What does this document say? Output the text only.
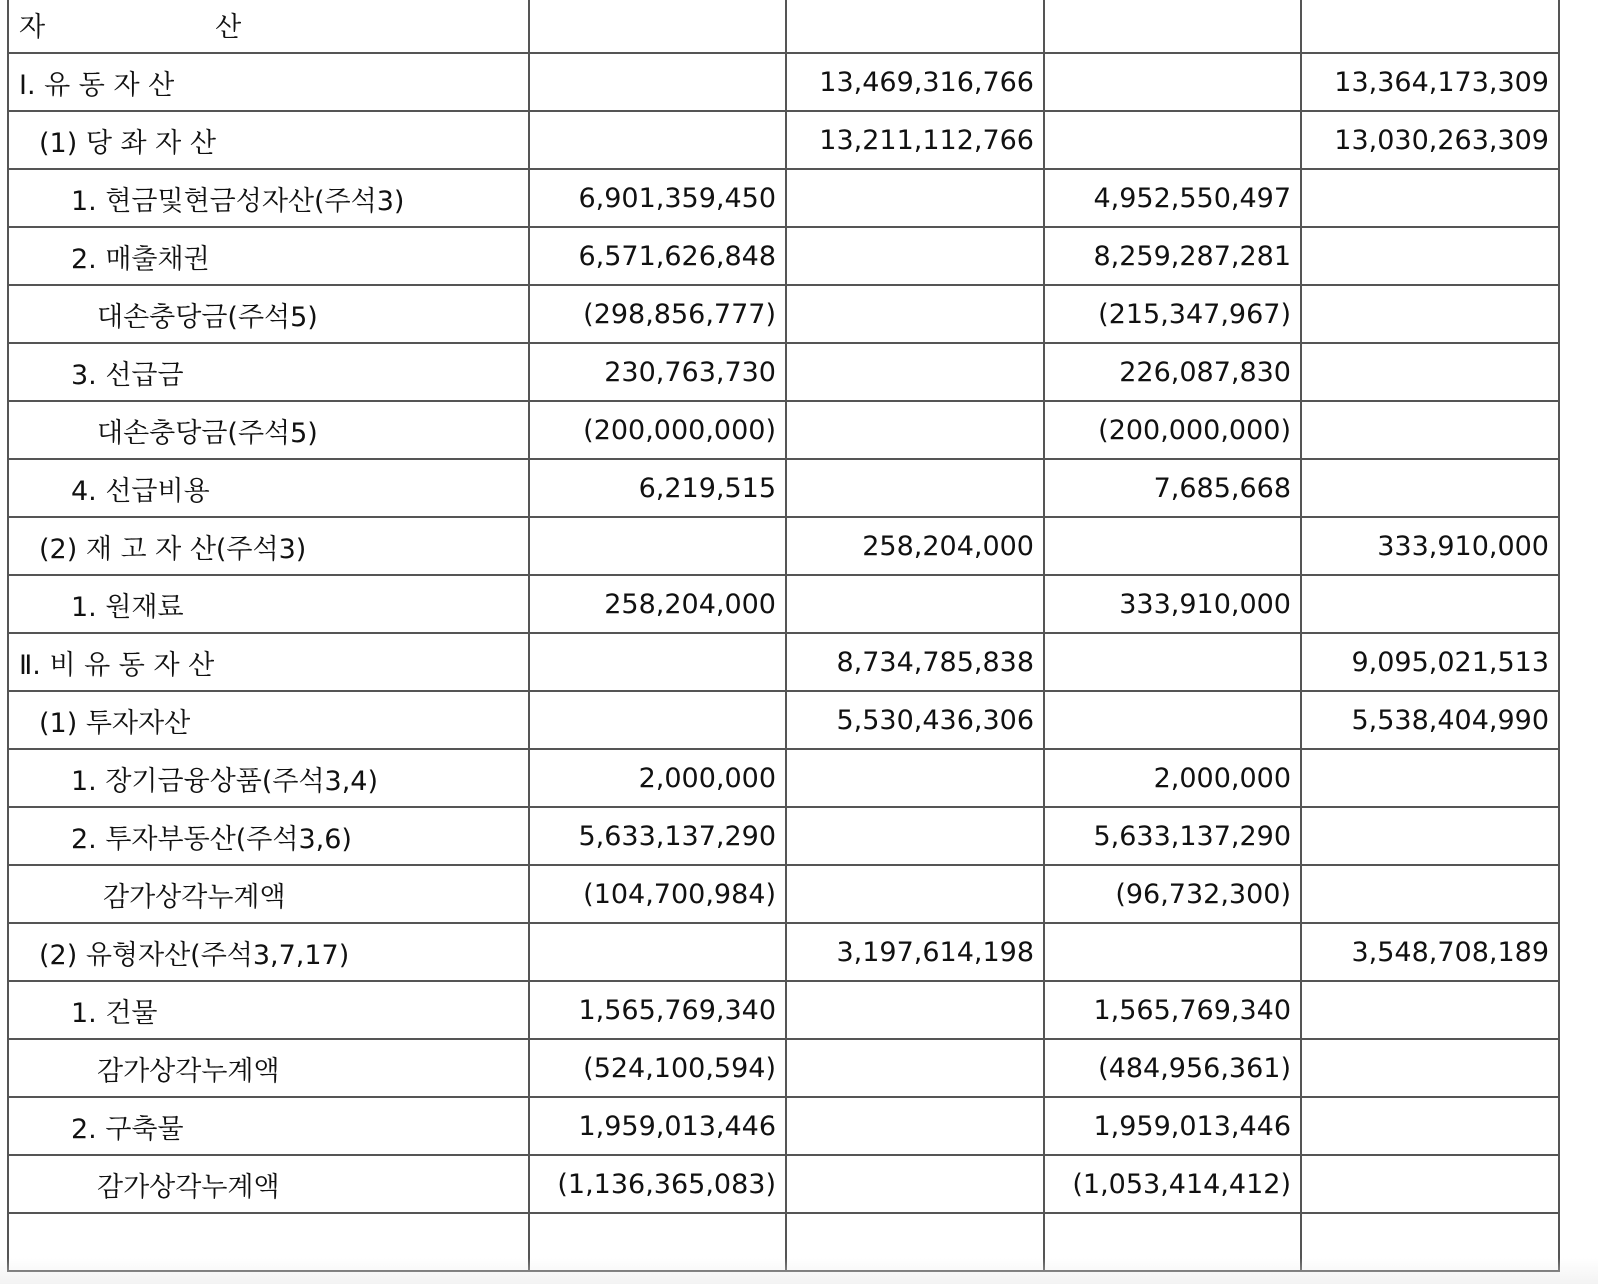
자 산				
Ⅰ. 유 동 자 산		13,469,316,766		13,364,173,309
(1) 당 좌 자 산		13,211,112,766		13,030,263,309
1. 현금및현금성자산(주석3)	6,901,359,450		4,952,550,497	
2. 매출채권	6,571,626,848		8,259,287,281	
대손충당금(주석5)	(298,856,777)		(215,347,967)	
3. 선급금	230,763,730		226,087,830	
대손충당금(주석5)	(200,000,000)		(200,000,000)	
4. 선급비용	6,219,515		7,685,668	
(2) 재 고 자 산(주석3)		258,204,000		333,910,000
1. 원재료	258,204,000		333,910,000	
Ⅱ. 비 유 동 자 산		8,734,785,838		9,095,021,513
(1) 투자자산		5,530,436,306		5,538,404,990
1. 장기금융상품(주석3,4)	2,000,000		2,000,000	
2. 투자부동산(주석3,6)	5,633,137,290		5,633,137,290	
감가상각누계액	(104,700,984)		(96,732,300)	
(2) 유형자산(주석3,7,17)		3,197,614,198		3,548,708,189
1. 건물	1,565,769,340		1,565,769,340	
감가상각누계액	(524,100,594)		(484,956,361)	
2. 구축물	1,959,013,446		1,959,013,446	
감가상각누계액	(1,136,365,083)		(1,053,414,412)	
